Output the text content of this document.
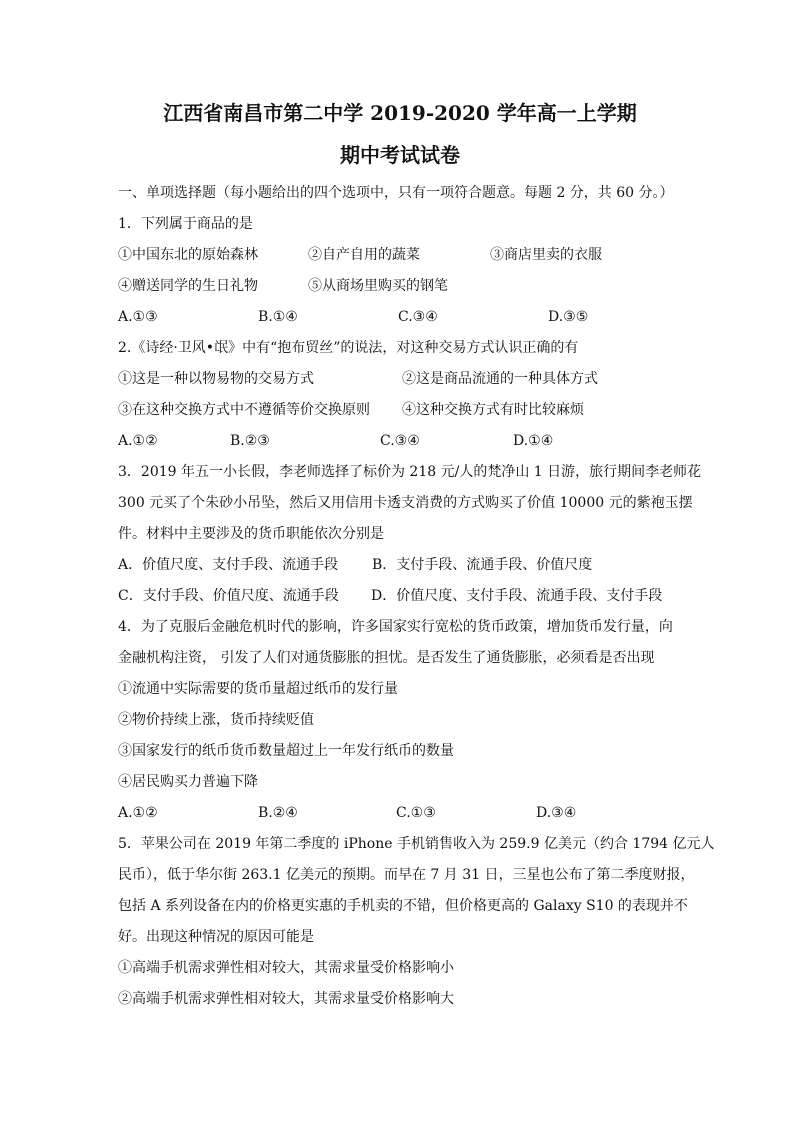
江西省南昌市第二中学 2019-2020 学年高一上学期
期中考试试卷
一、单项选择题（每小题给出的四个选项中，只有一项符合题意。每题 2 分，共 60 分。）
1．下列属于商品的是
①中国东北的原始森林	②自产自用的蔬菜	③商店里卖的衣服
④赠送同学的生日礼物	⑤从商场里购买的钢笔
A.①③	B.①④	C.③④	D.③⑤
2.《诗经·卫风•氓》中有“抱布贸丝”的说法，对这种交易方式认识正确的有
①这是一种以物易物的交易方式	②这是商品流通的一种具体方式
③在这种交换方式中不遵循等价交换原则	④这种交换方式有时比较麻烦
A.①②	B.②③	C.③④	D.①④
3．2019 年五一小长假，李老师选择了标价为 218 元/人的梵净山 1 日游，旅行期间李老师花
300 元买了个朱砂小吊坠，然后又用信用卡透支消费的方式购买了价值 10000 元的紫袍玉摆
件。材料中主要涉及的货币职能依次分别是
A．价值尺度、支付手段、流通手段	B．支付手段、流通手段、价值尺度
C．支付手段、价值尺度、流通手段	D．价值尺度、支付手段、流通手段、支付手段
4．为了克服后金融危机时代的影响，许多国家实行宽松的货币政策，增加货币发行量，向
金融机构注资， 引发了人们对通货膨胀的担忧。是否发生了通货膨胀，必须看是否出现
①流通中实际需要的货币量超过纸币的发行量
②物价持续上涨，货币持续贬值
③国家发行的纸币货币数量超过上一年发行纸币的数量
④居民购买力普遍下降
A.①②	B.②④	C.①③	D.③④
5．苹果公司在 2019 年第二季度的 iPhone 手机销售收入为 259.9 亿美元（约合 1794 亿元人
民币），低于华尔街 263.1 亿美元的预期。而早在 7 月 31 日，三星也公布了第二季度财报，
包括 A 系列设备在内的价格更实惠的手机卖的不错，但价格更高的 Galaxy S10 的表现并不
好。出现这种情况的原因可能是
①高端手机需求弹性相对较大，其需求量受价格影响小
②高端手机需求弹性相对较大，其需求量受价格影响大
